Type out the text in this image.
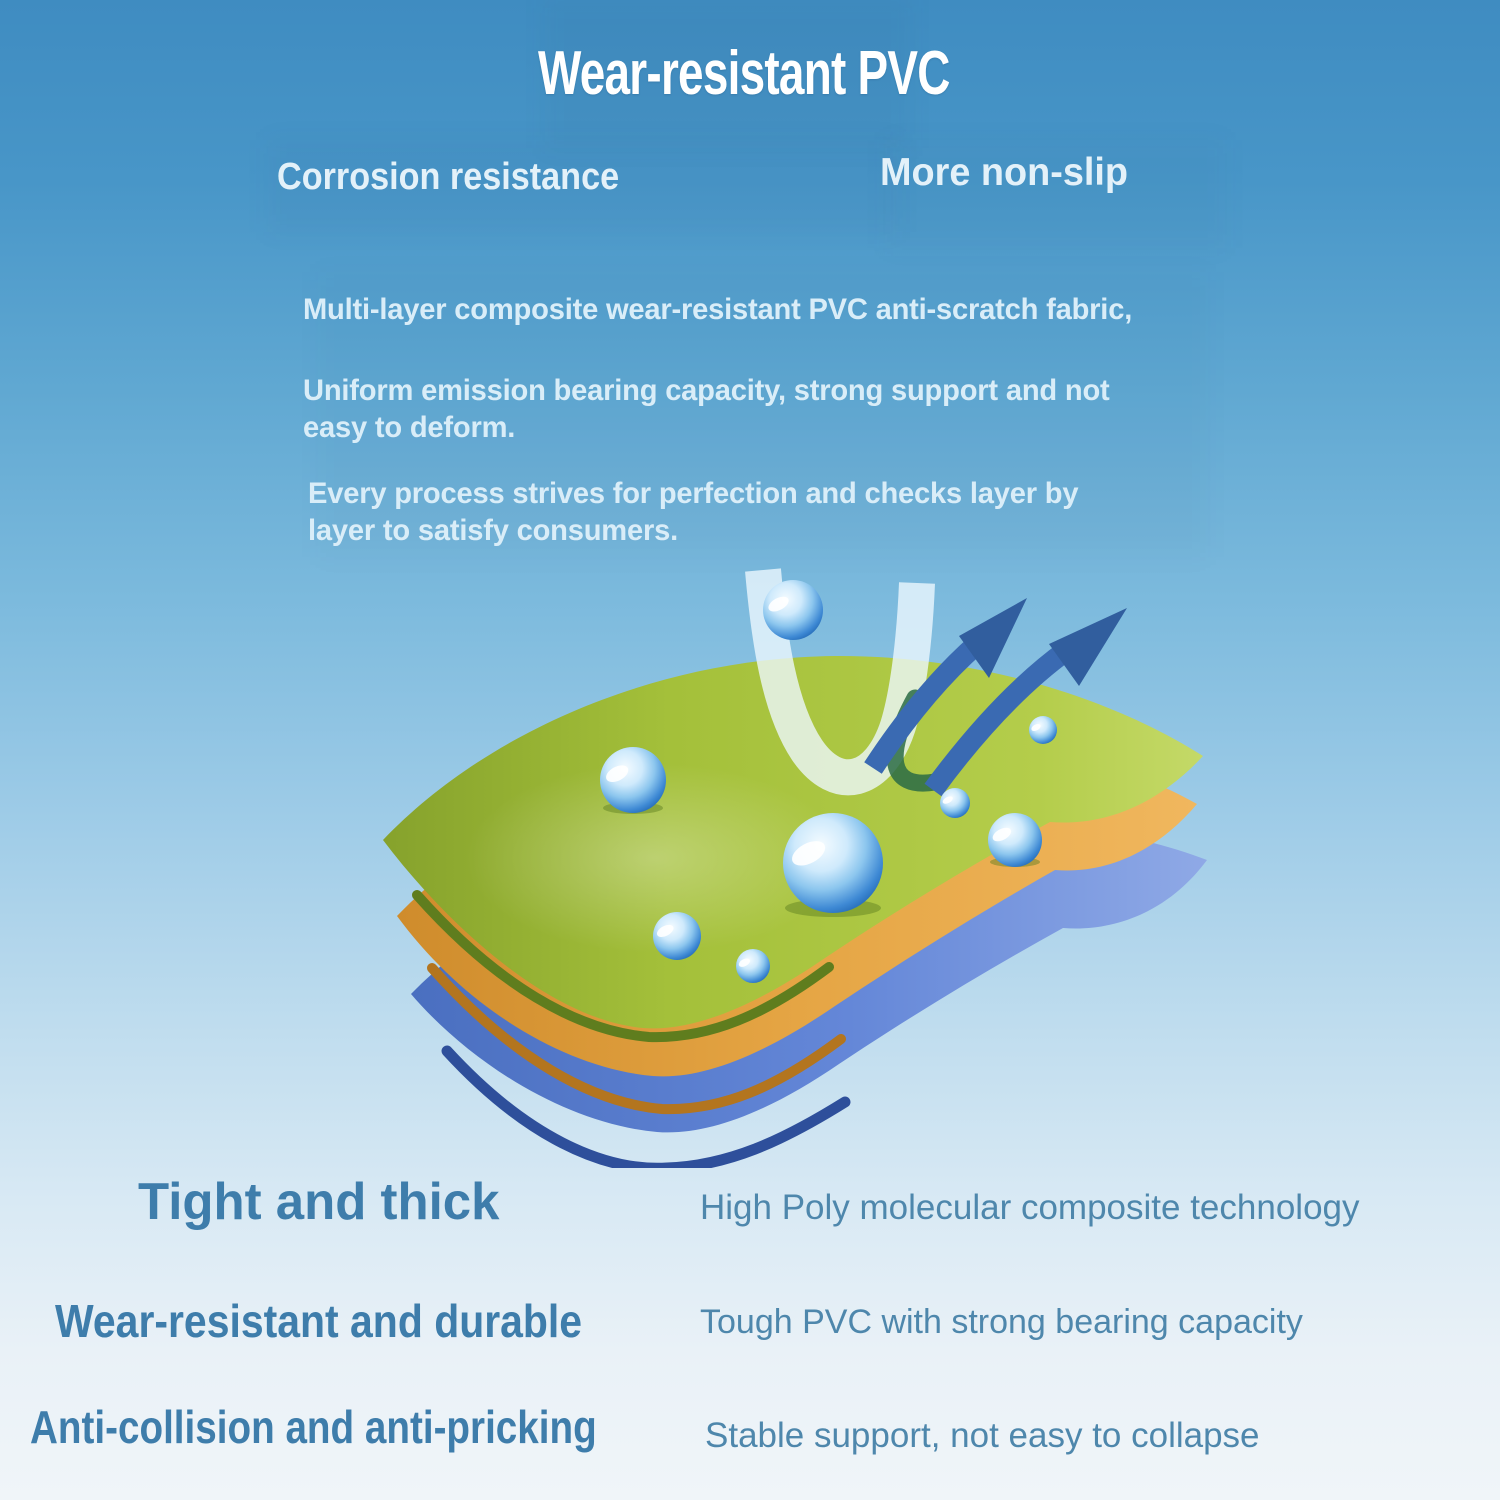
Wear-resistant PVC
Corrosion resistance	More non-slip
Multi-layer composite wear-resistant PVC anti-scratch fabric,
Uniform emission bearing capacity, strong support and not
easy to deform.
Every process strives for perfection and checks layer by
layer to satisfy consumers.
Tight and thick	High Poly molecular composite technology
Wear-resistant and durable	Tough PVC with strong bearing capacity
Anti-collision and anti-pricking	Stable support, not easy to collapse
